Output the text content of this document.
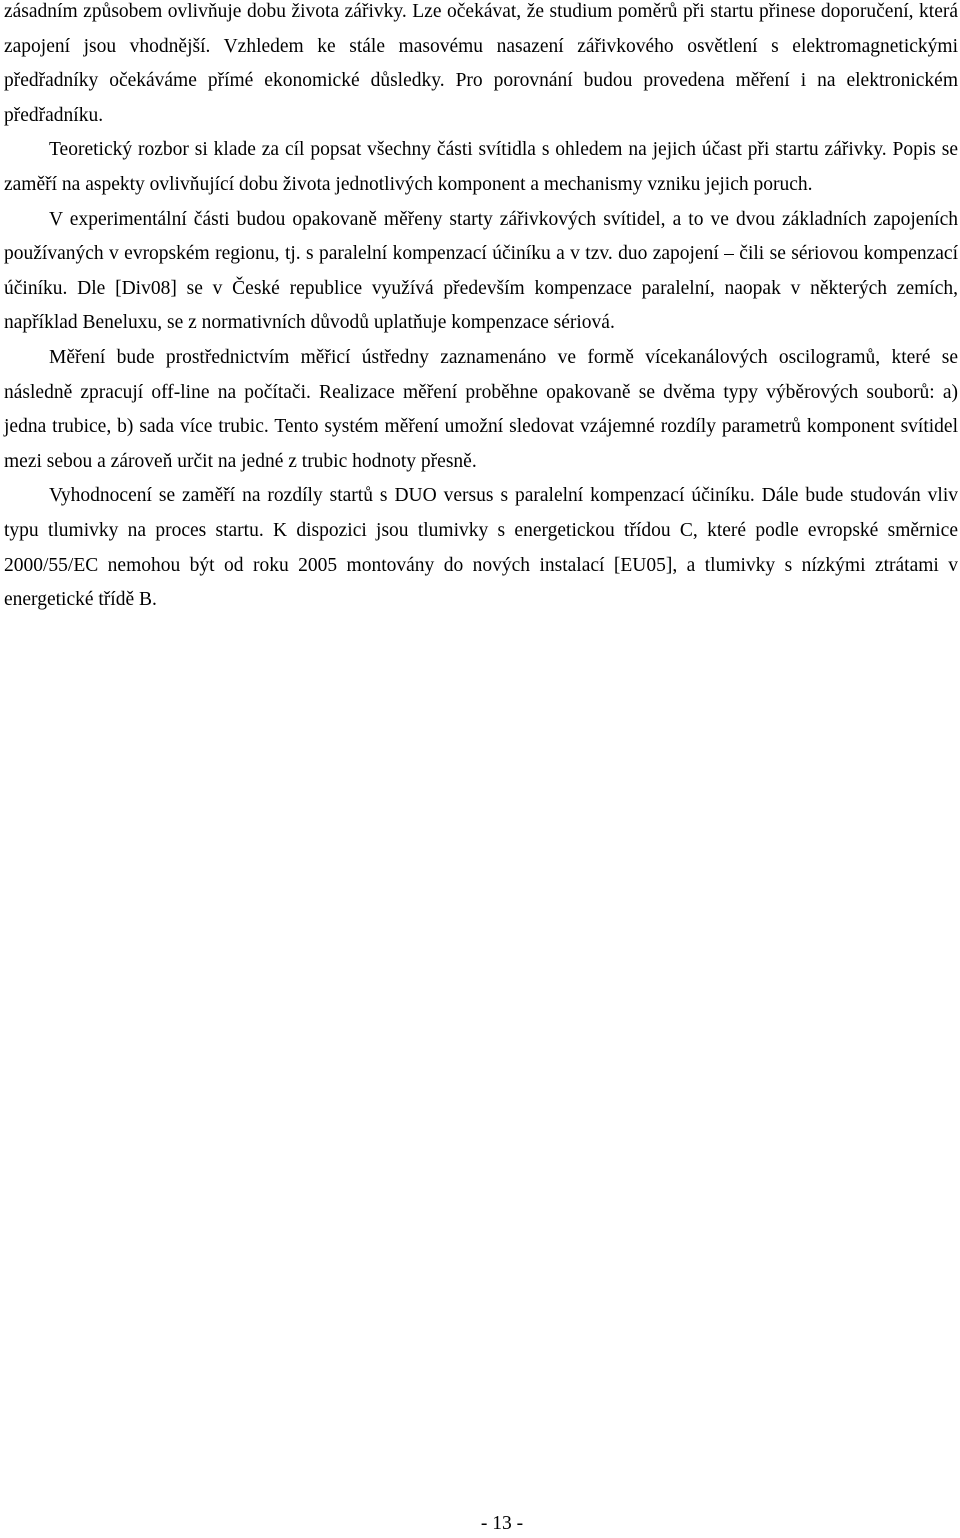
zásadním způsobem ovlivňuje dobu života zářivky. Lze očekávat, že studium poměrů při startu přinese doporučení, která zapojení jsou vhodnější. Vzhledem ke stále masovému nasazení zářivkového osvětlení s elektromagnetickými předřadníky očekáváme přímé ekonomické důsledky. Pro porovnání budou provedena měření i na elektronickém předřadníku.

Teoretický rozbor si klade za cíl popsat všechny části svítidla s ohledem na jejich účast při startu zářivky. Popis se zaměří na aspekty ovlivňující dobu života jednotlivých komponent a mechanismy vzniku jejich poruch.

V experimentální části budou opakovaně měřeny starty zářivkových svítidel, a to ve dvou základních zapojeních používaných v evropském regionu, tj. s paralelní kompenzací účiníku a v tzv. duo zapojení – čili se sériovou kompenzací účiníku. Dle [Div08] se v České republice využívá především kompenzace paralelní, naopak v některých zemích, například Beneluxu, se z normativních důvodů uplatňuje kompenzace sériová.

Měření bude prostřednictvím měřicí ústředny zaznamenáno ve formě vícekanálových oscilogramů, které se následně zpracují off-line na počítači. Realizace měření proběhne opakovaně se dvěma typy výběrových souborů: a) jedna trubice, b) sada více trubic. Tento systém měření umožní sledovat vzájemné rozdíly parametrů komponent svítidel mezi sebou a zároveň určit na jedné z trubic hodnoty přesně.

Vyhodnocení se zaměří na rozdíly startů s DUO versus s paralelní kompenzací účiníku. Dále bude studován vliv typu tlumivky na proces startu. K dispozici jsou tlumivky s energetickou třídou C, které podle evropské směrnice 2000/55/EC nemohou být od roku 2005 montovány do nových instalací [EU05], a tlumivky s nízkými ztrátami v energetické třídě B.

- 13 -
